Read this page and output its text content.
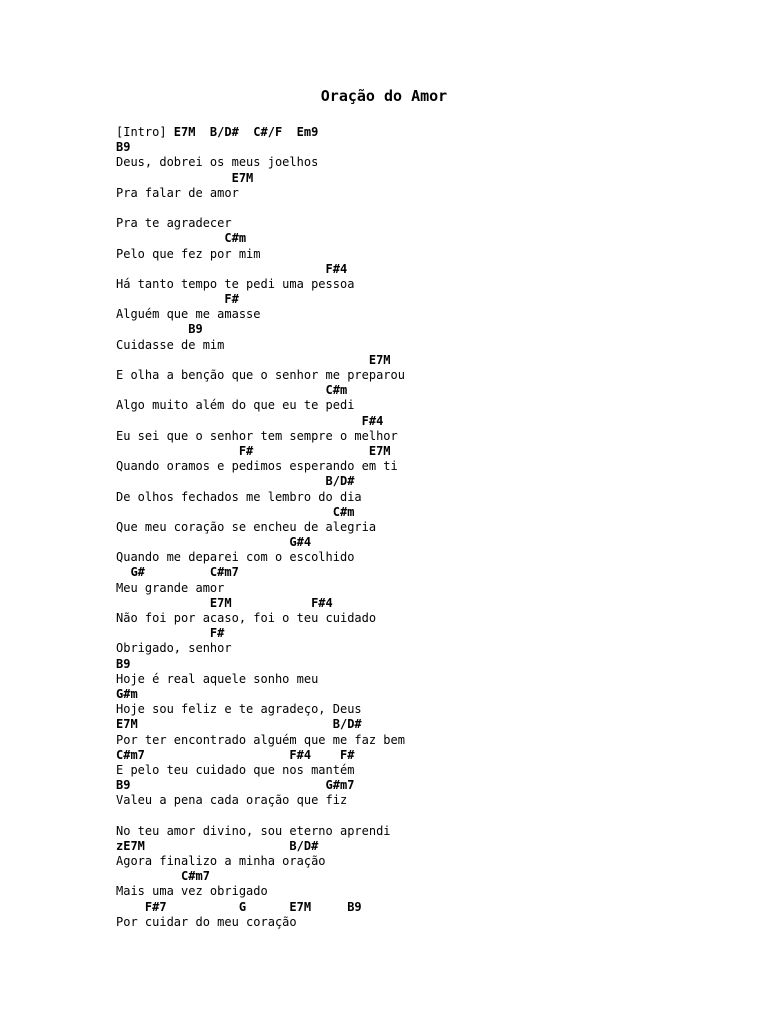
Oração do Amor
[Intro] E7M  B/D#  C#/F  Em9
B9
Deus, dobrei os meus joelhos
E7M
Pra falar de amor
Pra te agradecer
C#m
Pelo que fez por mim
F#4
Há tanto tempo te pedi uma pessoa
F#
Alguém que me amasse
B9
Cuidasse de mim
E7M
E olha a benção que o senhor me preparou
C#m
Algo muito além do que eu te pedi
F#4
Eu sei que o senhor tem sempre o melhor
F#                E7M
Quando oramos e pedimos esperando em ti
B/D#
De olhos fechados me lembro do dia
C#m
Que meu coração se encheu de alegria
G#4
Quando me deparei com o escolhido
G#         C#m7
Meu grande amor
E7M           F#4
Não foi por acaso, foi o teu cuidado
F#
Obrigado, senhor
B9
Hoje é real aquele sonho meu
G#m
Hoje sou feliz e te agradeço, Deus
E7M                           B/D#
Por ter encontrado alguém que me faz bem
C#m7                    F#4    F#
E pelo teu cuidado que nos mantém
B9                           G#m7
Valeu a pena cada oração que fiz
No teu amor divino, sou eterno aprendi
zE7M                    B/D#
Agora finalizo a minha oração
C#m7
Mais uma vez obrigado
F#7          G      E7M     B9
Por cuidar do meu coração
